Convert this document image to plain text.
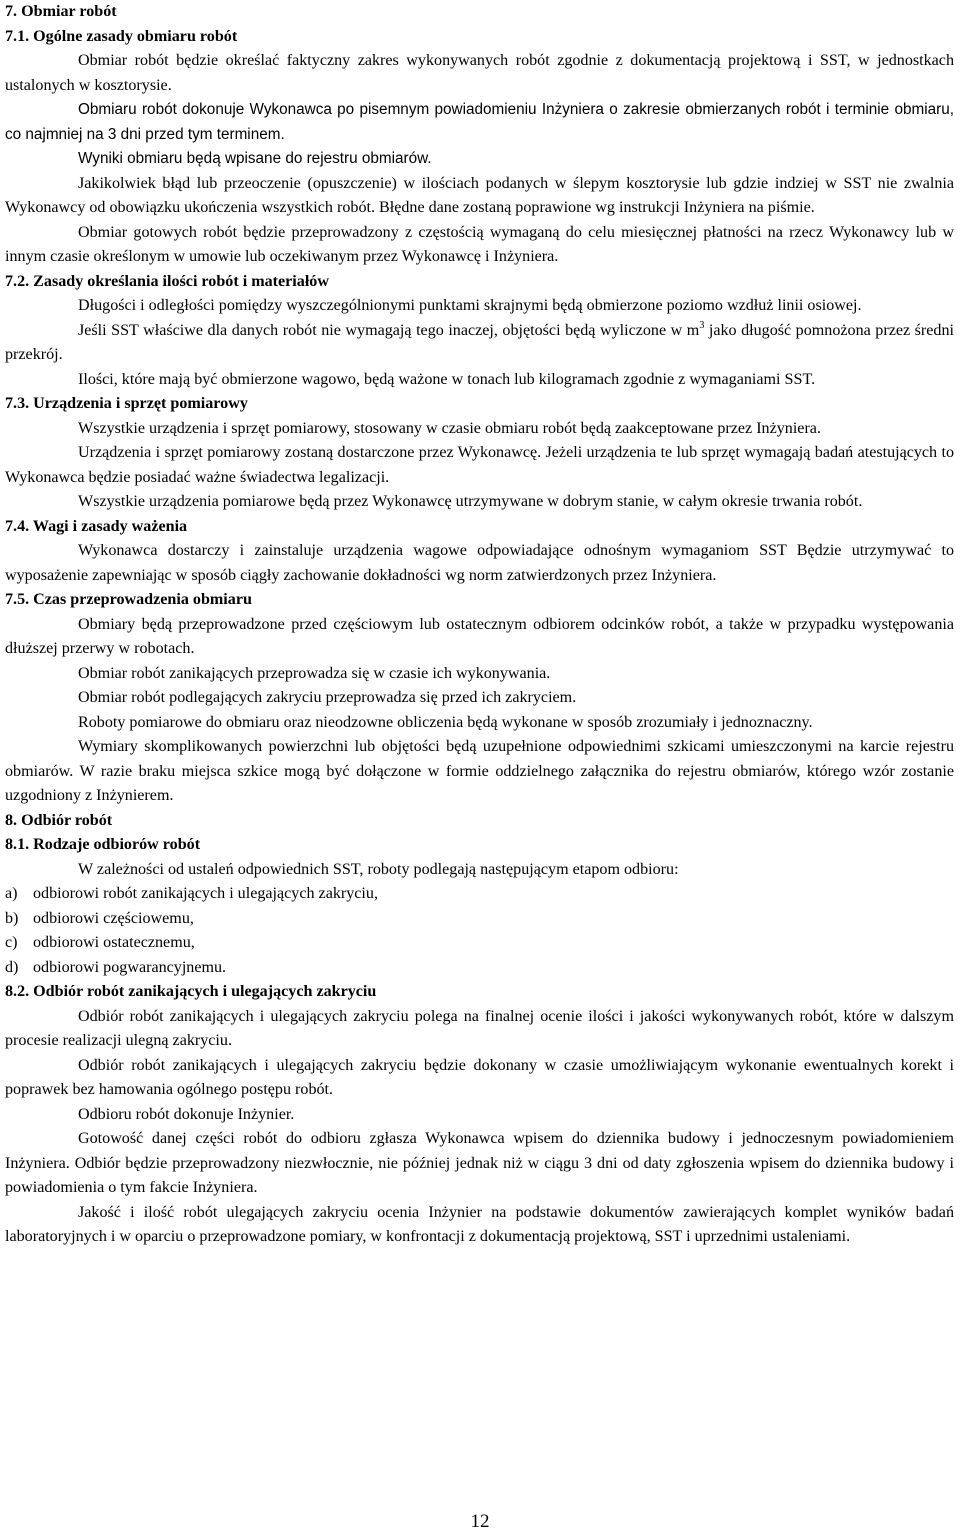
7. Obmiar robót

7.1. Ogólne zasady obmiaru robót

Obmiar robót będzie określać faktyczny zakres wykonywanych robót zgodnie z dokumentacją projektową i SST, w jednostkach ustalonych w kosztorysie.

Obmiaru robót dokonuje Wykonawca po pisemnym powiadomieniu Inżyniera o zakresie obmierzanych robót i terminie obmiaru, co najmniej na 3 dni przed tym terminem.

Wyniki obmiaru będą wpisane do rejestru obmiarów.

Jakikolwiek błąd lub przeoczenie (opuszczenie) w ilościach podanych w ślepym kosztorysie lub gdzie indziej w SST nie zwalnia Wykonawcy od obowiązku ukończenia wszystkich robót. Błędne dane zostaną poprawione wg instrukcji Inżyniera na piśmie.

Obmiar gotowych robót będzie przeprowadzony z częstością wymaganą do celu miesięcznej płatności na rzecz Wykonawcy lub w innym czasie określonym w umowie lub oczekiwanym przez Wykonawcę i Inżyniera.

7.2. Zasady określania ilości robót i materiałów

Długości i odległości pomiędzy wyszczególnionymi punktami skrajnymi będą obmierzone poziomo wzdłuż linii osiowej.

Jeśli SST właściwe dla danych robót nie wymagają tego inaczej, objętości będą wyliczone w $m^3$ jako długość pomnożona przez średni przekrój.

Ilości, które mają być obmierzone wagowo, będą ważone w tonach lub kilogramach zgodnie z wymaganiami SST.

7.3. Urządzenia i sprzęt pomiarowy

Wszystkie urządzenia i sprzęt pomiarowy, stosowany w czasie obmiaru robót będą zaakceptowane przez Inżyniera.

Urządzenia i sprzęt pomiarowy zostaną dostarczone przez Wykonawcę. Jeżeli urządzenia te lub sprzęt wymagają badań atestujących to Wykonawca będzie posiadać ważne świadectwa legalizacji.

Wszystkie urządzenia pomiarowe będą przez Wykonawcę utrzymywane w dobrym stanie, w całym okresie trwania robót.

7.4. Wagi i zasady ważenia

Wykonawca dostarczy i zainstaluje urządzenia wagowe odpowiadające odnośnym wymaganiom SST Będzie utrzymywać to wyposażenie zapewniając w sposób ciągły zachowanie dokładności wg norm zatwierdzonych przez Inżyniera.

7.5. Czas przeprowadzenia obmiaru

Obmiary będą przeprowadzone przed częściowym lub ostatecznym odbiorem odcinków robót, a także w przypadku występowania dłuższej przerwy w robotach.

Obmiar robót zanikających przeprowadza się w czasie ich wykonywania.

Obmiar robót podlegających zakryciu przeprowadza się przed ich zakryciem.

Roboty pomiarowe do obmiaru oraz nieodzowne obliczenia będą wykonane w sposób zrozumiały i jednoznaczny.

Wymiary skomplikowanych powierzchni lub objętości będą uzupełnione odpowiednimi szkicami umieszczonymi na karcie rejestru obmiarów. W razie braku miejsca szkice mogą być dołączone w formie oddzielnego załącznika do rejestru obmiarów, którego wzór zostanie uzgodniony z Inżynierem.

8. Odbiór robót

8.1. Rodzaje odbiorów robót

W zależności od ustaleń odpowiednich SST, roboty podlegają następującym etapom odbioru:

a) odbiorowi robót zanikających i ulegających zakryciu,

b) odbiorowi częściowemu,

c) odbiorowi ostatecznemu,

d) odbiorowi pogwarancyjnemu.

8.2. Odbiór robót zanikających i ulegających zakryciu

Odbiór robót zanikających i ulegających zakryciu polega na finalnej ocenie ilości i jakości wykonywanych robót, które w dalszym procesie realizacji ulegną zakryciu.

Odbiór robót zanikających i ulegających zakryciu będzie dokonany w czasie umożliwiającym wykonanie ewentualnych korekt i poprawek bez hamowania ogólnego postępu robót.

Odbioru robót dokonuje Inżynier.

Gotowość danej części robót do odbioru zgłasza Wykonawca wpisem do dziennika budowy i jednoczesnym powiadomieniem Inżyniera. Odbiór będzie przeprowadzony niezwłocznie, nie później jednak niż w ciągu 3 dni od daty zgłoszenia wpisem do dziennika budowy i powiadomienia o tym fakcie Inżyniera.

Jakość i ilość robót ulegających zakryciu ocenia Inżynier na podstawie dokumentów zawierających komplet wyników badań laboratoryjnych i w oparciu o przeprowadzone pomiary, w konfrontacji z dokumentacją projektową, SST i uprzednimi ustaleniami.

12
